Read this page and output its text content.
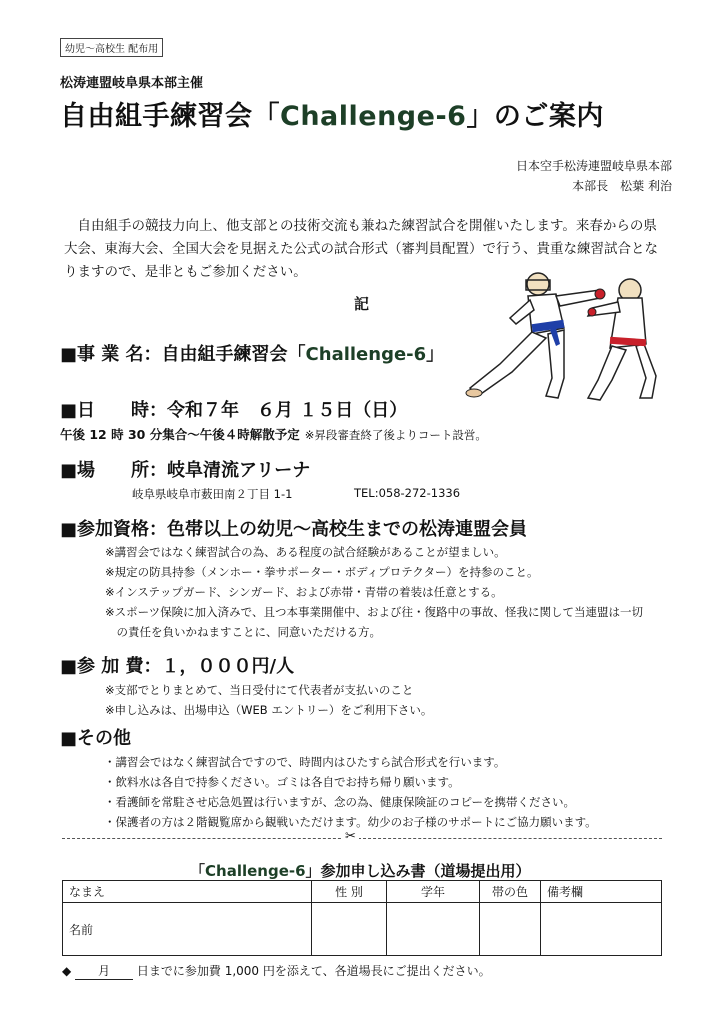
幼児～高校生 配布用
松涛連盟岐阜県本部主催
自由組手練習会「Challenge-6」のご案内
日本空手松涛連盟岐阜県本部
本部長　松葉 利治
自由組手の競技力向上、他支部との技術交流も兼ねた練習試合を開催いたします。来春からの県大会、東海大会、全国大会を見据えた公式の試合形式（審判員配置）で行う、貴重な練習試合となりますので、是非ともご参加ください。
記
■事 業 名：自由組手練習会「Challenge-6」
■日　　時：令和７年　６月 １５日（日）
午後 12 時 30 分集合～午後４時解散予定 ※昇段審査終了後よりコート設営。
■場　　所：岐阜清流アリーナ
岐阜県岐阜市薮田南２丁目 1-1	TEL:058-272-1336
■参加資格：色帯以上の幼児～高校生までの松涛連盟会員
※講習会ではなく練習試合の為、ある程度の試合経験があることが望ましい。
※規定の防具持参（メンホー・拳サポーター・ボディプロテクター）を持参のこと。
※インステップガード、シンガード、および赤帯・青帯の着装は任意とする。
※スポーツ保険に加入済みで、且つ本事業開催中、および往・復路中の事故、怪我に関して当連盟は一切
　の責任を負いかねますことに、同意いただける方。
■参 加 費：１，０００円/人
※支部でとりまとめて、当日受付にて代表者が支払いのこと
※申し込みは、出場申込（WEB エントリー）をご利用下さい。
■その他
・講習会ではなく練習試合ですので、時間内はひたすら試合形式を行います。
・飲料水は各自で持参ください。ゴミは各自でお持ち帰り願います。
・看護師を常駐させ応急処置は行いますが、念の為、健康保険証のコピーを携帯ください。
・保護者の方は２階観覧席から観戦いただけます。幼少のお子様のサポートにご協力願います。
✂
「Challenge-6」参加申し込み書（道場提出用）
なまえ	性 別	学年	帯の色	備考欄
名前				
◆ 月 日までに参加費 1,000 円を添えて、各道場長にご提出ください。
